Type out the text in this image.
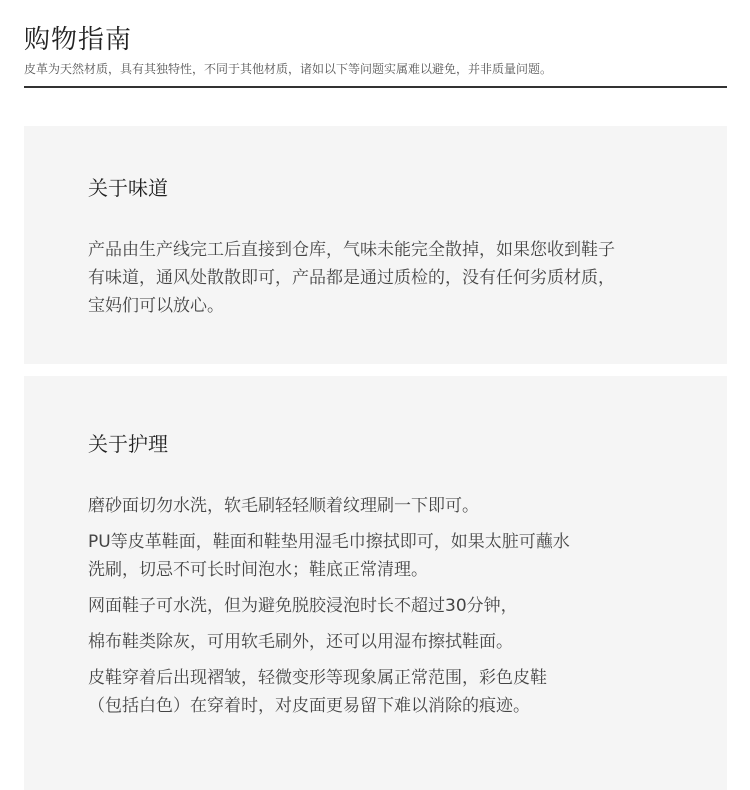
购物指南
皮革为天然材质，具有其独特性，不同于其他材质，诸如以下等问题实属难以避免，并非质量问题。
关于味道
产品由生产线完工后直接到仓库，气味未能完全散掉，如果您收到鞋子
有味道，通风处散散即可，产品都是通过质检的，没有任何劣质材质，
宝妈们可以放心。
关于护理
磨砂面切勿水洗，软毛刷轻轻顺着纹理刷一下即可。
PU等皮革鞋面，鞋面和鞋垫用湿毛巾擦拭即可，如果太脏可蘸水
洗刷，切忌不可长时间泡水；鞋底正常清理。
网面鞋子可水洗，但为避免脱胶浸泡时长不超过30分钟，
棉布鞋类除灰，可用软毛刷外，还可以用湿布擦拭鞋面。
皮鞋穿着后出现褶皱，轻微变形等现象属正常范围，彩色皮鞋
（包括白色）在穿着时，对皮面更易留下难以消除的痕迹。
